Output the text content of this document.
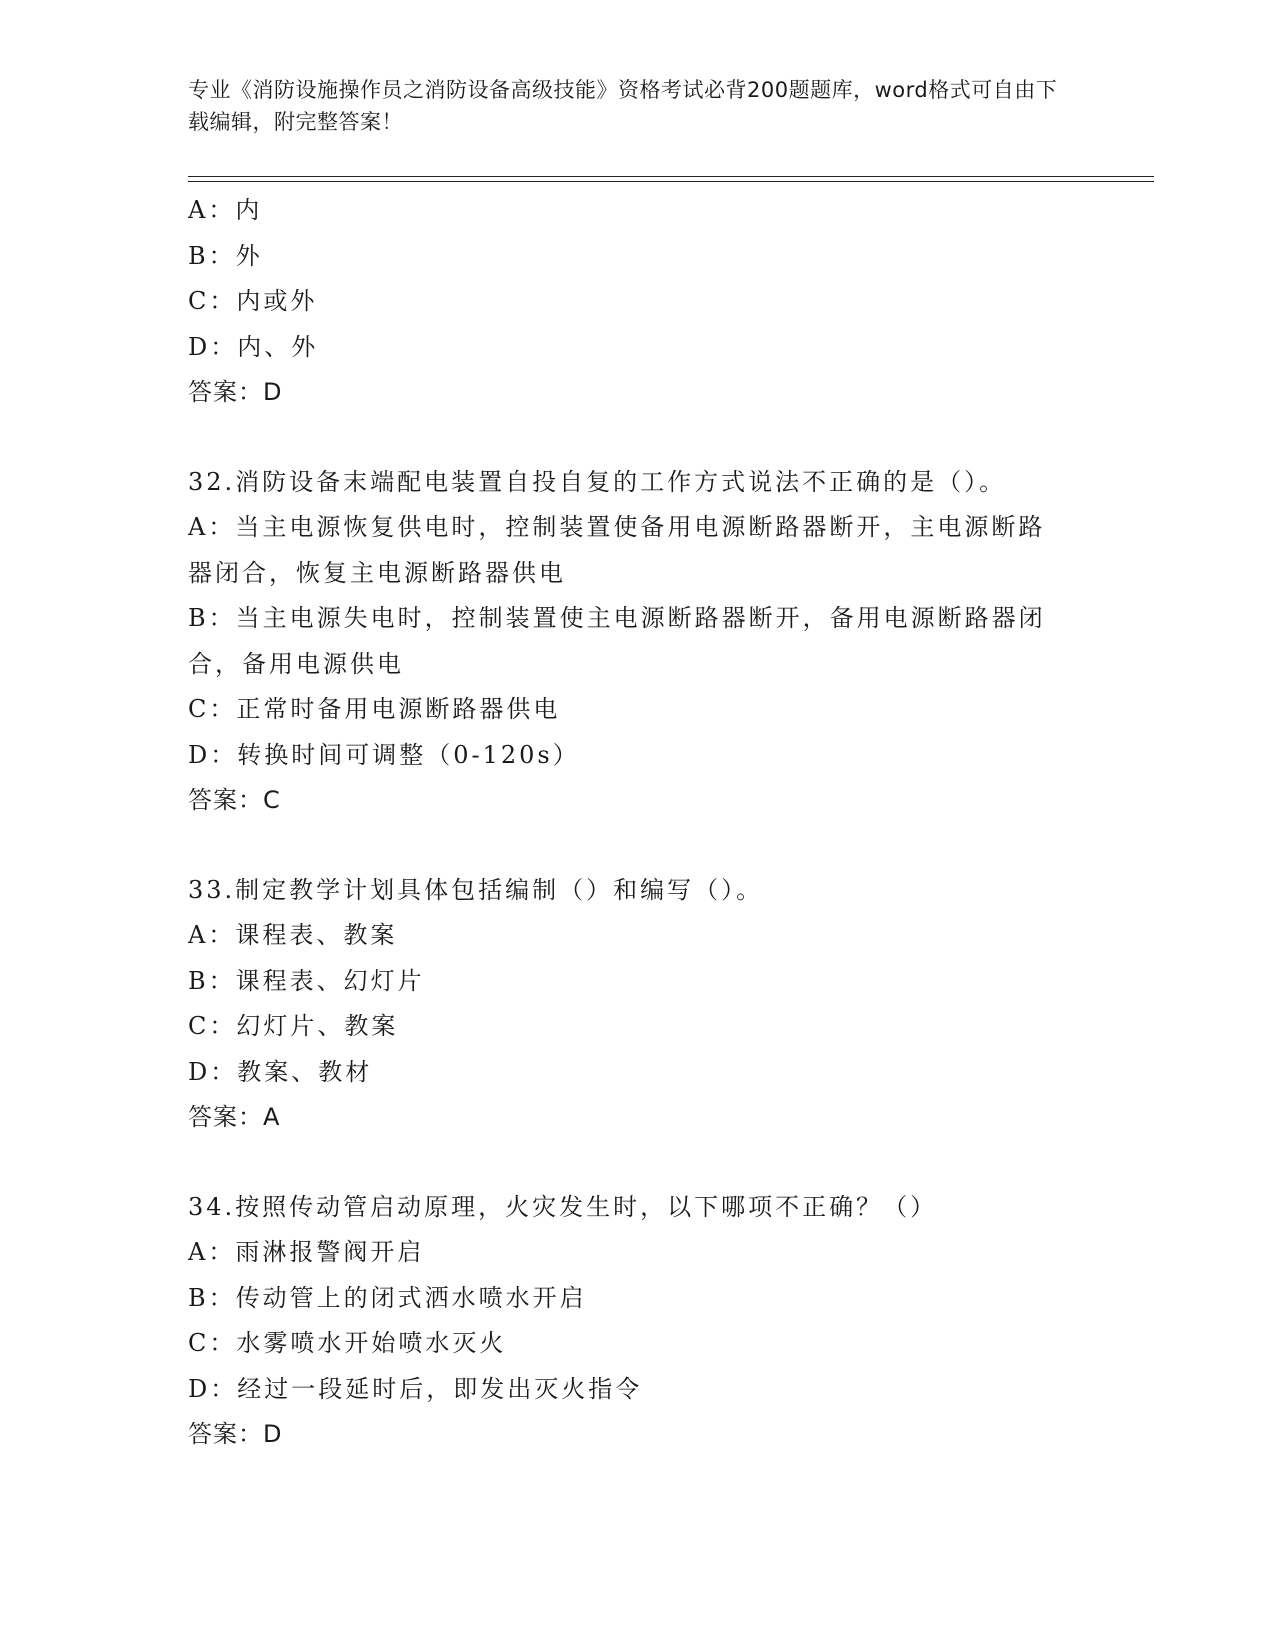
专业《消防设施操作员之消防设备高级技能》资格考试必背200题题库，word格式可自由下载编辑，附完整答案！
A：内
B：外
C：内或外
D：内、外
答案：D
32.消防设备末端配电装置自投自复的工作方式说法不正确的是（）。
A：当主电源恢复供电时，控制装置使备用电源断路器断开，主电源断路器闭合，恢复主电源断路器供电
B：当主电源失电时，控制装置使主电源断路器断开，备用电源断路器闭合，备用电源供电
C：正常时备用电源断路器供电
D：转换时间可调整（0-120s）
答案：C
33.制定教学计划具体包括编制（）和编写（）。
A：课程表、教案
B：课程表、幻灯片
C：幻灯片、教案
D：教案、教材
答案：A
34.按照传动管启动原理，火灾发生时，以下哪项不正确？（）
A：雨淋报警阀开启
B：传动管上的闭式洒水喷水开启
C：水雾喷水开始喷水灭火
D：经过一段延时后，即发出灭火指令
答案：D
